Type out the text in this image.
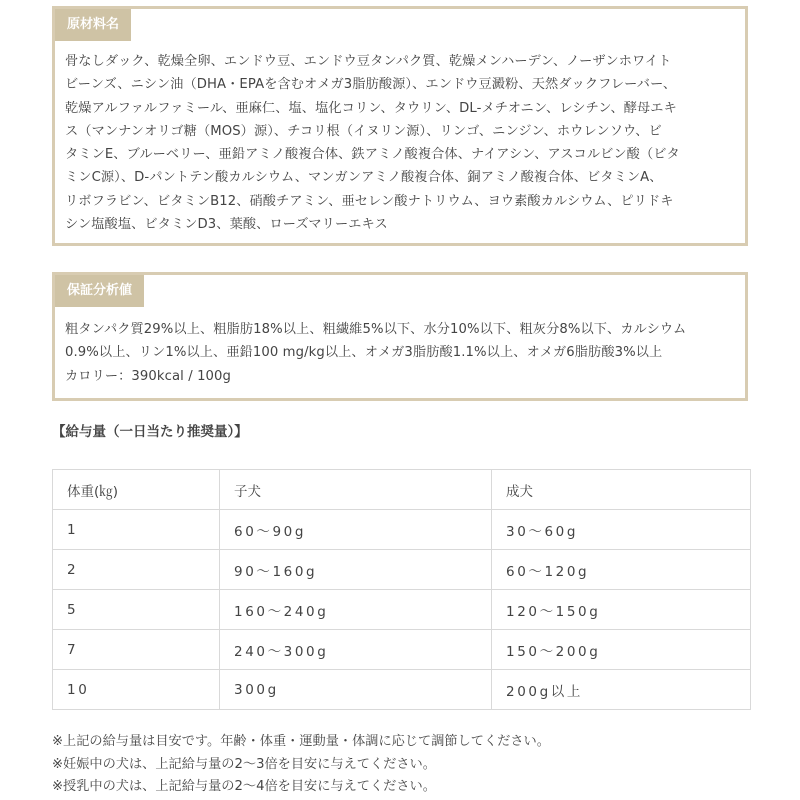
原材料名
骨なしダック、乾燥全卵、エンドウ豆、エンドウ豆タンパク質、乾燥メンハーデン、ノーザンホワイト
ビーンズ、ニシン油（DHA・EPAを含むオメガ3脂肪酸源）、エンドウ豆澱粉、天然ダックフレーバー、
乾燥アルファルファミール、亜麻仁、塩、塩化コリン、タウリン、DL-メチオニン、レシチン、酵母エキ
ス（マンナンオリゴ糖（MOS）源）、チコリ根（イヌリン源）、リンゴ、ニンジン、ホウレンソウ、ビ
タミンE、ブルーベリー、亜鉛アミノ酸複合体、鉄アミノ酸複合体、ナイアシン、アスコルビン酸（ビタ
ミンC源）、D-パントテン酸カルシウム、マンガンアミノ酸複合体、銅アミノ酸複合体、ビタミンA、
リボフラビン、ビタミンB12、硝酸チアミン、亜セレン酸ナトリウム、ヨウ素酸カルシウム、ピリドキ
シン塩酸塩、ビタミンD3、葉酸、ローズマリーエキス
保証分析値
粗タンパク質29%以上、粗脂肪18%以上、粗繊維5%以下、水分10%以下、粗灰分8%以下、カルシウム
0.9%以上、リン1%以上、亜鉛100 mg/kg以上、オメガ3脂肪酸1.1%以上、オメガ6脂肪酸3%以上
カロリー：390kcal / 100g
【給与量（一日当たり推奨量）】
体重(㎏)	子犬	成犬
1	60～90g	30～60g
2	90～160g	60～120g
5	160～240g	120～150g
7	240～300g	150～200g
10	300g	200g以上
※上記の給与量は目安です。年齢・体重・運動量・体調に応じて調節してください。
※妊娠中の犬は、上記給与量の2～3倍を目安に与えてください。
※授乳中の犬は、上記給与量の2～4倍を目安に与えてください。
